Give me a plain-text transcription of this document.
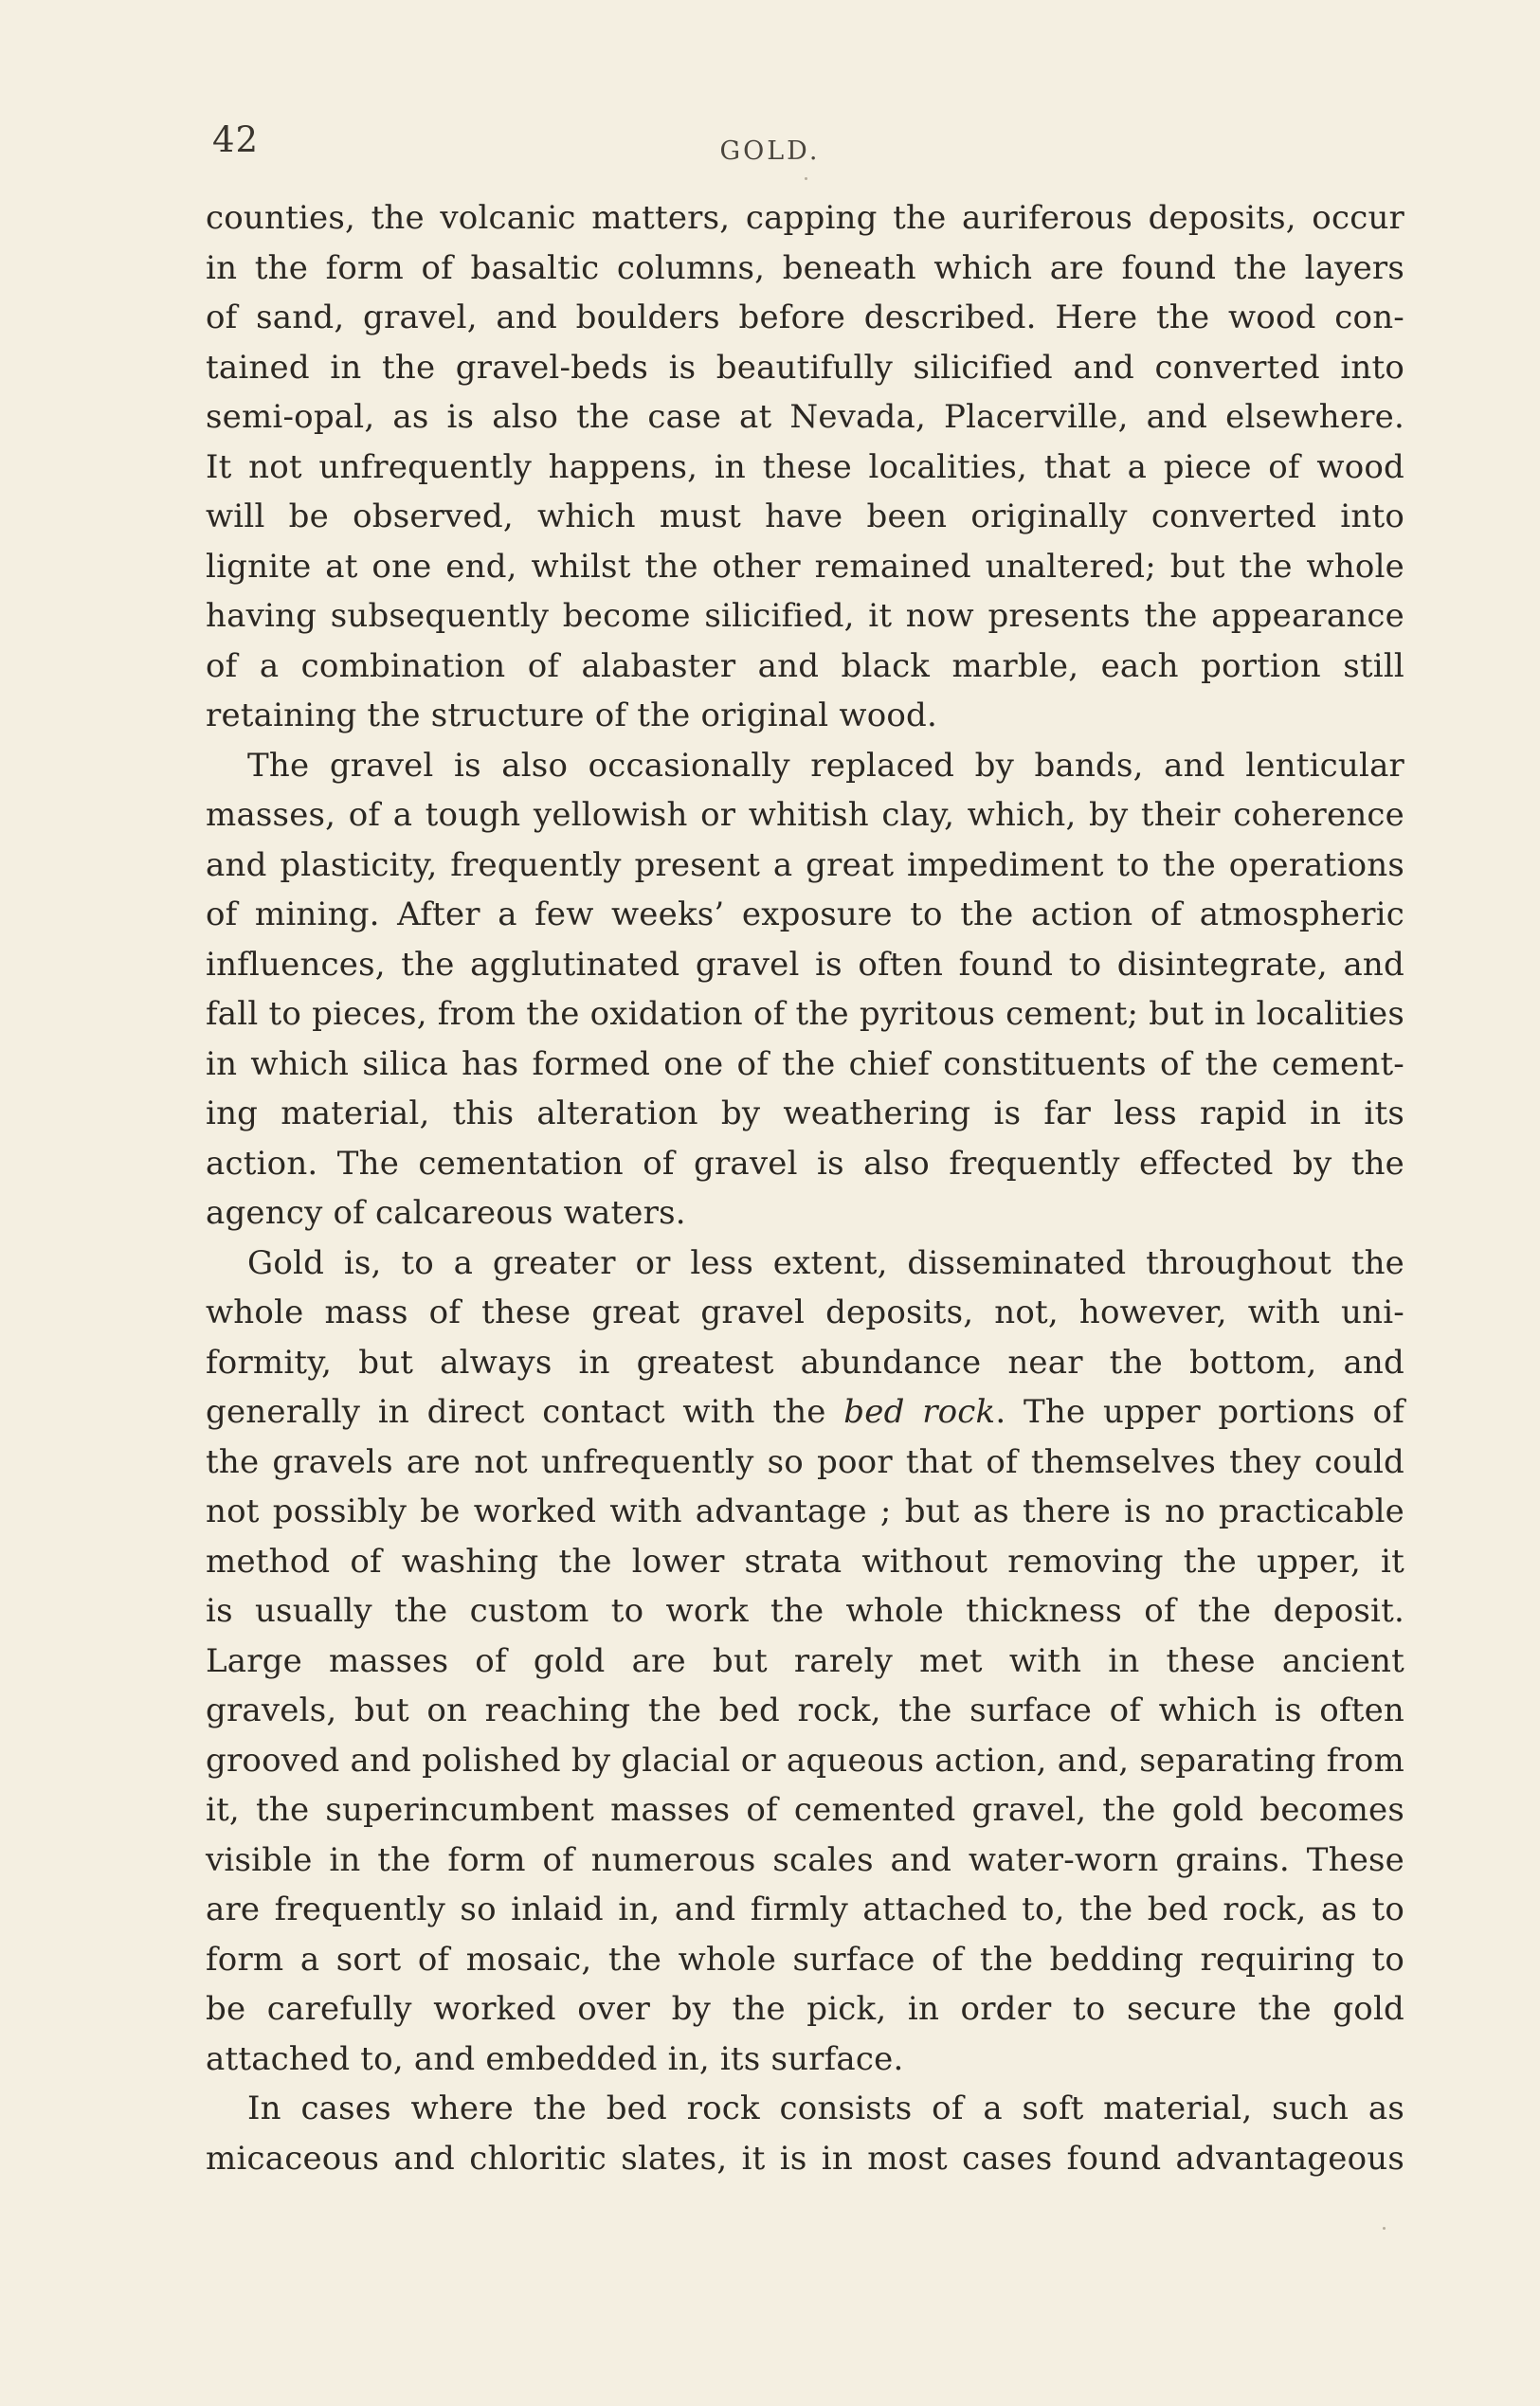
42	GOLD.
counties, the volcanic matters, capping the auriferous deposits, occur
in the form of basaltic columns, beneath which are found the layers
of sand, gravel, and boulders before described. Here the wood con-
tained in the gravel-beds is beautifully silicified and converted into
semi-opal, as is also the case at Nevada, Placerville, and elsewhere.
It not unfrequently happens, in these localities, that a piece of wood
will be observed, which must have been originally converted into
lignite at one end, whilst the other remained unaltered; but the whole
having subsequently become silicified, it now presents the appearance
of a combination of alabaster and black marble, each portion still
retaining the structure of the original wood.
The gravel is also occasionally replaced by bands, and lenticular
masses, of a tough yellowish or whitish clay, which, by their coherence
and plasticity, frequently present a great impediment to the operations
of mining. After a few weeks’ exposure to the action of atmospheric
influences, the agglutinated gravel is often found to disintegrate, and
fall to pieces, from the oxidation of the pyritous cement; but in localities
in which silica has formed one of the chief constituents of the cement-
ing material, this alteration by weathering is far less rapid in its
action. The cementation of gravel is also frequently effected by the
agency of calcareous waters.
Gold is, to a greater or less extent, disseminated throughout the
whole mass of these great gravel deposits, not, however, with uni-
formity, but always in greatest abundance near the bottom, and
generally in direct contact with the bed rock. The upper portions of
the gravels are not unfrequently so poor that of themselves they could
not possibly be worked with advantage ; but as there is no practicable
method of washing the lower strata without removing the upper, it
is usually the custom to work the whole thickness of the deposit.
Large masses of gold are but rarely met with in these ancient
gravels, but on reaching the bed rock, the surface of which is often
grooved and polished by glacial or aqueous action, and, separating from
it, the superincumbent masses of cemented gravel, the gold becomes
visible in the form of numerous scales and water-worn grains. These
are frequently so inlaid in, and firmly attached to, the bed rock, as to
form a sort of mosaic, the whole surface of the bedding requiring to
be carefully worked over by the pick, in order to secure the gold
attached to, and embedded in, its surface.
In cases where the bed rock consists of a soft material, such as
micaceous and chloritic slates, it is in most cases found advantageous
